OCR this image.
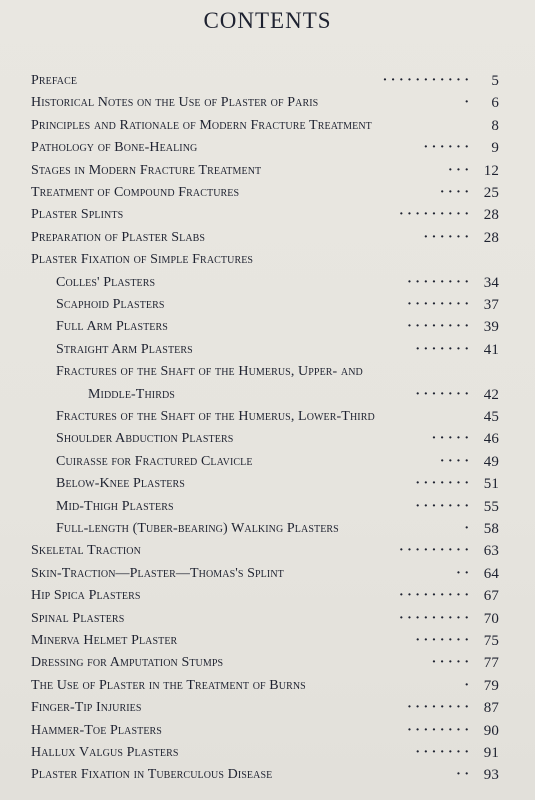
CONTENTS
Preface	· · · · · · · · · · · 5
Historical Notes on the Use of Plaster of Paris	· 6
Principles and Rationale of Modern Fracture Treatment	8
Pathology of Bone-Healing	· · · · · · 9
Stages in Modern Fracture Treatment	· · · 12
Treatment of Compound Fractures	· · · · 25
Plaster Splints	· · · · · · · · · 28
Preparation of Plaster Slabs	· · · · · · 28
Plaster Fixation of Simple Fractures
Colles' Plasters	· · · · · · · · 34
Scaphoid Plasters	· · · · · · · · 37
Full Arm Plasters	· · · · · · · · 39
Straight Arm Plasters	· · · · · · · 41
Fractures of the Shaft of the Humerus, Upper- and
Middle-Thirds	· · · · · · · 42
Fractures of the Shaft of the Humerus, Lower-Third	45
Shoulder Abduction Plasters	· · · · · 46
Cuirasse for Fractured Clavicle	· · · · 49
Below-Knee Plasters	· · · · · · · 51
Mid-Thigh Plasters	· · · · · · · 55
Full-length (Tuber-bearing) Walking Plasters	· 58
Skeletal Traction	· · · · · · · · · 63
Skin-Traction—Plaster—Thomas's Splint	· · 64
Hip Spica Plasters	· · · · · · · · · 67
Spinal Plasters	· · · · · · · · · 70
Minerva Helmet Plaster	· · · · · · · 75
Dressing for Amputation Stumps	· · · · · 77
The Use of Plaster in the Treatment of Burns	· 79
Finger-Tip Injuries	· · · · · · · · 87
Hammer-Toe Plasters	· · · · · · · · 90
Hallux Valgus Plasters	· · · · · · · 91
Plaster Fixation in Tuberculous Disease	· · 93
